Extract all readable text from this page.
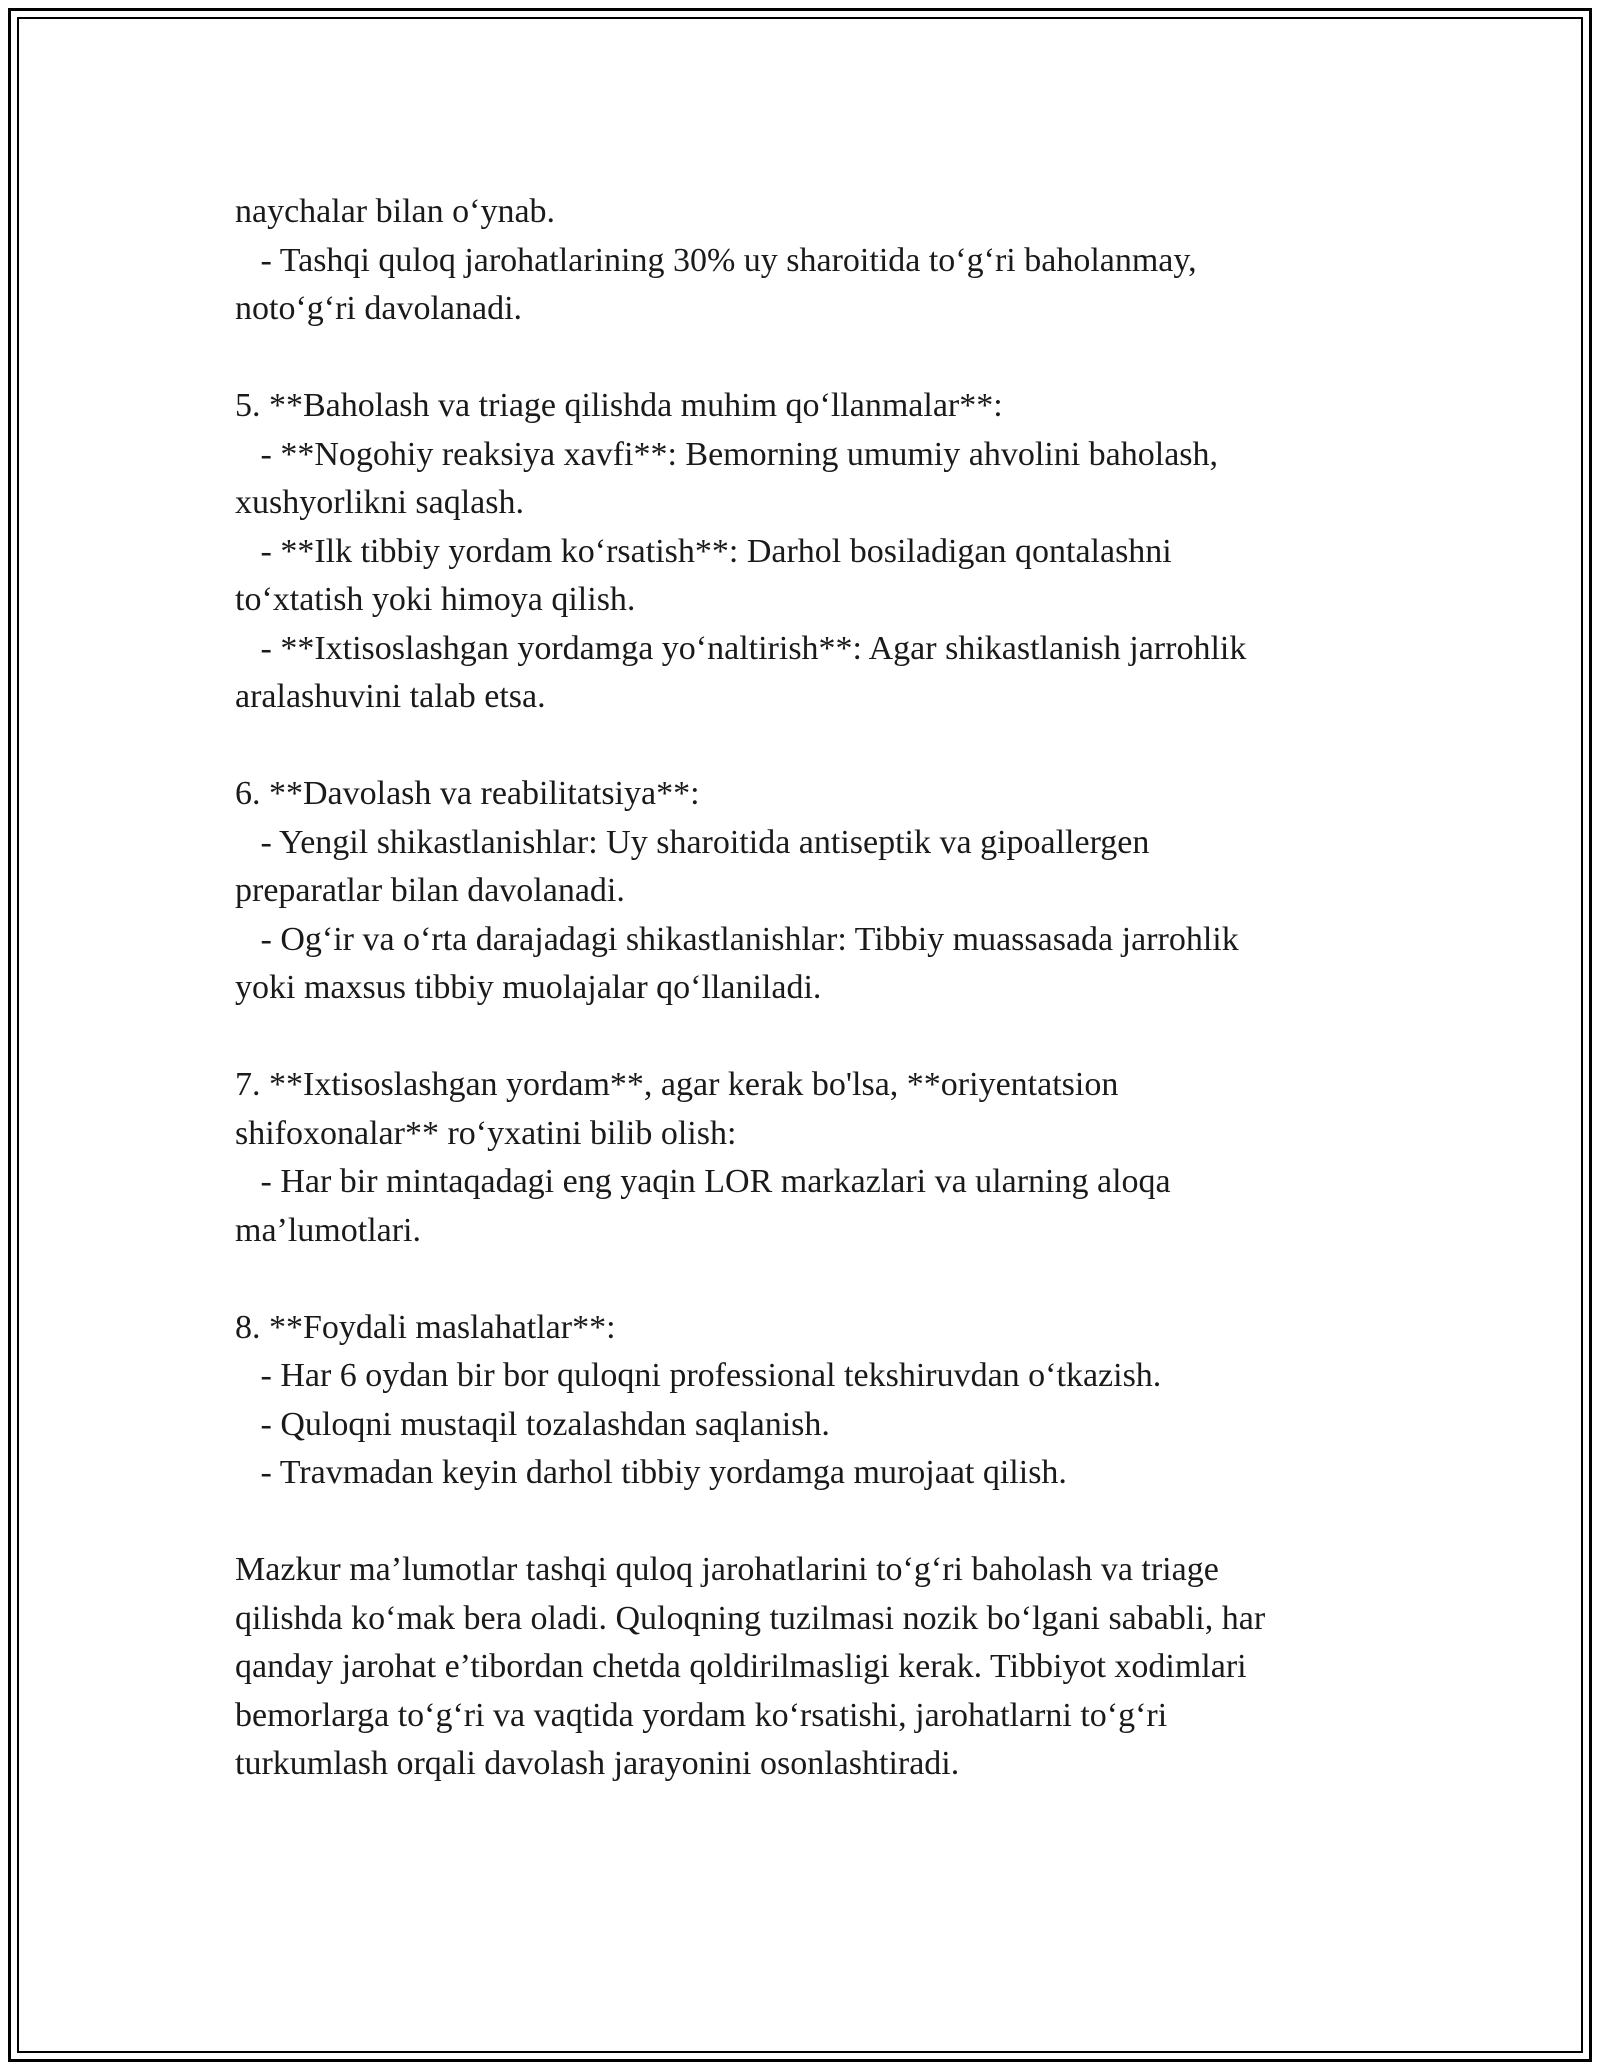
naychalar bilan o‘ynab.
- Tashqi quloq jarohatlarining 30% uy sharoitida to‘g‘ri baholanmay,
noto‘g‘ri davolanadi.
5. **Baholash va triage qilishda muhim qo‘llanmalar**:
- **Nogohiy reaksiya xavfi**: Bemorning umumiy ahvolini baholash,
xushyorlikni saqlash.
- **Ilk tibbiy yordam ko‘rsatish**: Darhol bosiladigan qontalashni
to‘xtatish yoki himoya qilish.
- **Ixtisoslashgan yordamga yo‘naltirish**: Agar shikastlanish jarrohlik
aralashuvini talab etsa.
6. **Davolash va reabilitatsiya**:
- Yengil shikastlanishlar: Uy sharoitida antiseptik va gipoallergen
preparatlar bilan davolanadi.
- Og‘ir va o‘rta darajadagi shikastlanishlar: Tibbiy muassasada jarrohlik
yoki maxsus tibbiy muolajalar qo‘llaniladi.
7. **Ixtisoslashgan yordam**, agar kerak bo'lsa, **oriyentatsion
shifoxonalar** ro‘yxatini bilib olish:
- Har bir mintaqadagi eng yaqin LOR markazlari va ularning aloqa
ma’lumotlari.
8. **Foydali maslahatlar**:
- Har 6 oydan bir bor quloqni professional tekshiruvdan o‘tkazish.
- Quloqni mustaqil tozalashdan saqlanish.
- Travmadan keyin darhol tibbiy yordamga murojaat qilish.
Mazkur ma’lumotlar tashqi quloq jarohatlarini to‘g‘ri baholash va triage
qilishda ko‘mak bera oladi. Quloqning tuzilmasi nozik bo‘lgani sababli, har
qanday jarohat e’tibordan chetda qoldirilmasligi kerak. Tibbiyot xodimlari
bemorlarga to‘g‘ri va vaqtida yordam ko‘rsatishi, jarohatlarni to‘g‘ri
turkumlash orqali davolash jarayonini osonlashtiradi.
